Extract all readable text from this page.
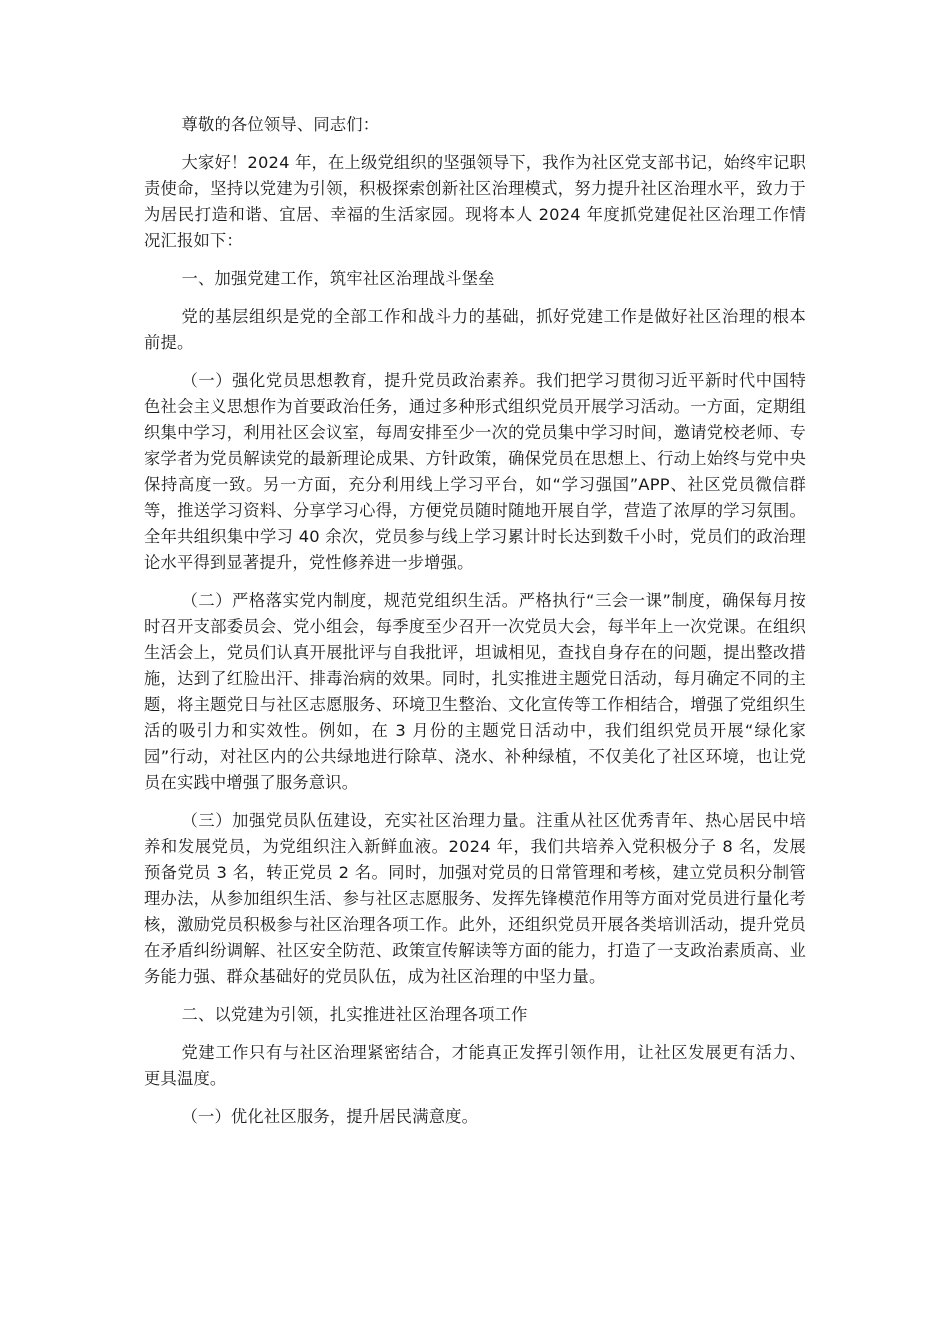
尊敬的各位领导、同志们：

大家好！2024 年，在上级党组织的坚强领导下，我作为社区党支部书记，始终牢记职责使命，坚持以党建为引领，积极探索创新社区治理模式，努力提升社区治理水平，致力于为居民打造和谐、宜居、幸福的生活家园。现将本人 2024 年度抓党建促社区治理工作情况汇报如下：

一、加强党建工作，筑牢社区治理战斗堡垒

党的基层组织是党的全部工作和战斗力的基础，抓好党建工作是做好社区治理的根本前提。

（一）强化党员思想教育，提升党员政治素养。我们把学习贯彻习近平新时代中国特色社会主义思想作为首要政治任务，通过多种形式组织党员开展学习活动。一方面，定期组织集中学习，利用社区会议室，每周安排至少一次的党员集中学习时间，邀请党校老师、专家学者为党员解读党的最新理论成果、方针政策，确保党员在思想上、行动上始终与党中央保持高度一致。另一方面，充分利用线上学习平台，如“学习强国”APP、社区党员微信群等，推送学习资料、分享学习心得，方便党员随时随地开展自学，营造了浓厚的学习氛围。全年共组织集中学习 40 余次，党员参与线上学习累计时长达到数千小时，党员们的政治理论水平得到显著提升，党性修养进一步增强。

（二）严格落实党内制度，规范党组织生活。严格执行“三会一课”制度，确保每月按时召开支部委员会、党小组会，每季度至少召开一次党员大会，每半年上一次党课。在组织生活会上，党员们认真开展批评与自我批评，坦诚相见，查找自身存在的问题，提出整改措施，达到了红脸出汗、排毒治病的效果。同时，扎实推进主题党日活动，每月确定不同的主题，将主题党日与社区志愿服务、环境卫生整治、文化宣传等工作相结合，增强了党组织生活的吸引力和实效性。例如，在 3 月份的主题党日活动中，我们组织党员开展“绿化家园”行动，对社区内的公共绿地进行除草、浇水、补种绿植，不仅美化了社区环境，也让党员在实践中增强了服务意识。

（三）加强党员队伍建设，充实社区治理力量。注重从社区优秀青年、热心居民中培养和发展党员，为党组织注入新鲜血液。2024 年，我们共培养入党积极分子 8 名，发展预备党员 3 名，转正党员 2 名。同时，加强对党员的日常管理和考核，建立党员积分制管理办法，从参加组织生活、参与社区志愿服务、发挥先锋模范作用等方面对党员进行量化考核，激励党员积极参与社区治理各项工作。此外，还组织党员开展各类培训活动，提升党员在矛盾纠纷调解、社区安全防范、政策宣传解读等方面的能力，打造了一支政治素质高、业务能力强、群众基础好的党员队伍，成为社区治理的中坚力量。

二、以党建为引领，扎实推进社区治理各项工作

党建工作只有与社区治理紧密结合，才能真正发挥引领作用，让社区发展更有活力、更具温度。

（一）优化社区服务，提升居民满意度。
